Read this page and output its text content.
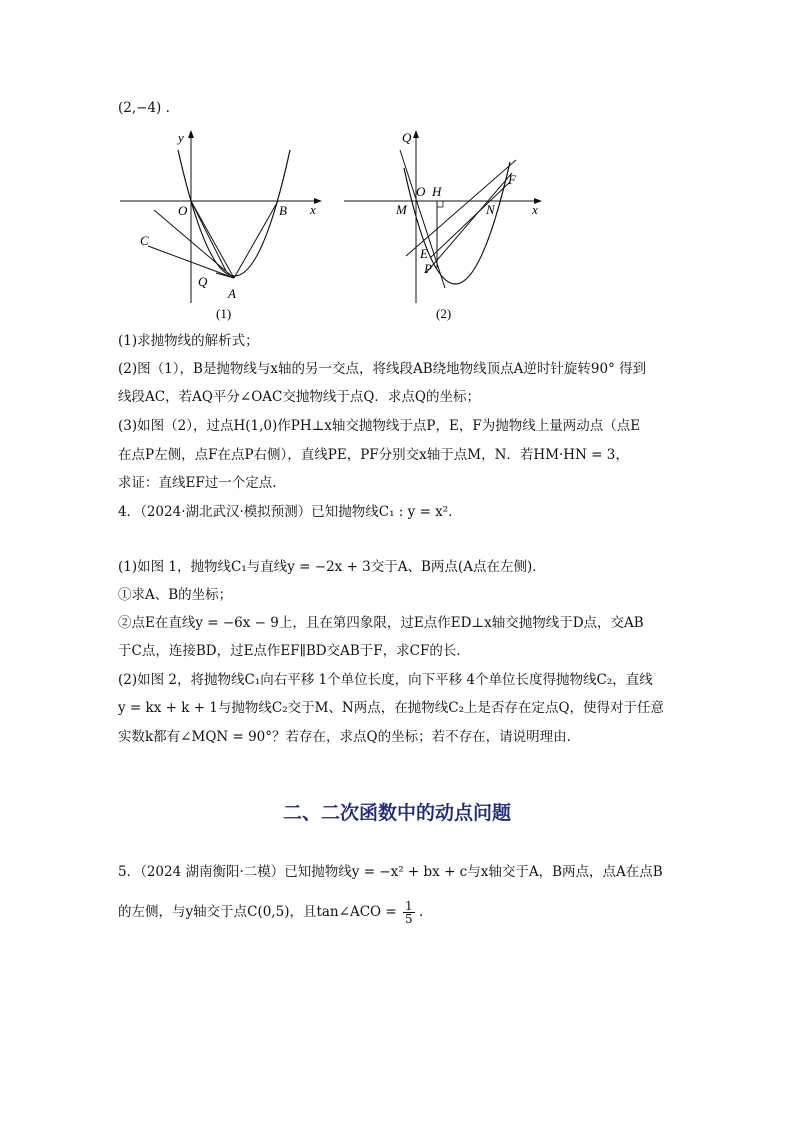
(2,−4) .
y
x
O	B
C
Q
A
(1)
Q
x
O H
F
M	N
E
P
(2)
(1)求抛物线的解析式；
(2)图（1），B是抛物线与x轴的另一交点，将线段AB绕地物线顶点A逆时针旋转90° 得到
线段AC，若AQ平分∠OAC交抛物线于点Q．求点Q的坐标；
(3)如图（2），过点H(1,0)作PH⊥x轴交抛物线于点P，E，F为抛物线上量两动点（点E
在点P左侧，点F在点P右侧），直线PE，PF分别交x轴于点M，N．若HM·HN = 3，
求证：直线EF过一个定点．
4．（2024·湖北武汉·模拟预测）已知抛物线C₁ : y = x²．
(1)如图 1，抛物线C₁与直线y = −2x + 3交于A、B两点(A点在左侧)．
①求A、B的坐标；
②点E在直线y = −6x − 9上，且在第四象限，过E点作ED⊥x轴交抛物线于D点，交AB
于C点，连接BD，过E点作EF∥BD交AB于F，求CF的长．
(2)如图 2，将抛物线C₁向右平移 1个单位长度，向下平移 4个单位长度得抛物线C₂，直线
y = kx + k + 1与抛物线C₂交于M、N两点，在抛物线C₂上是否存在定点Q，使得对于任意
实数k都有∠MQN = 90°？若存在，求点Q的坐标；若不存在，请说明理由．
二、二次函数中的动点问题
5．（2024 湖南衡阳·二模）已知抛物线y = −x² + bx + c与x轴交于A，B两点，点A在点B
的左侧，与y轴交于点C(0,5)，且tan∠ACO = $\frac{1}{5}$ .
